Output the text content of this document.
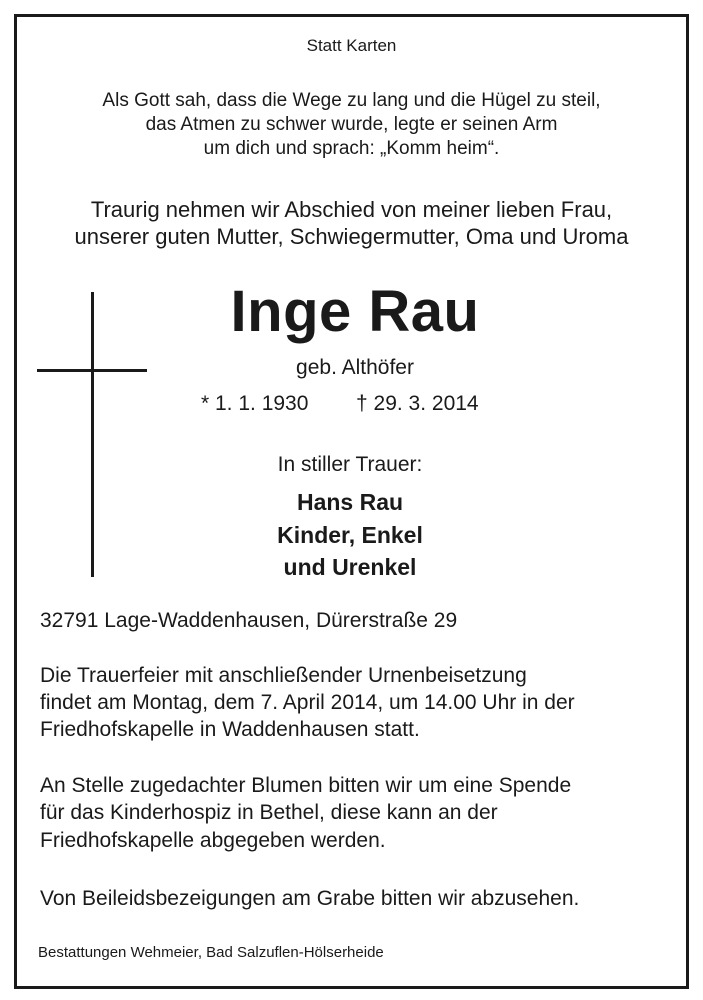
Statt Karten
Als Gott sah, dass die Wege zu lang und die Hügel zu steil,
das Atmen zu schwer wurde, legte er seinen Arm
um dich und sprach: „Komm heim“.
Traurig nehmen wir Abschied von meiner lieben Frau,
unserer guten Mutter, Schwiegermutter, Oma und Uroma
Inge Rau
geb. Althöfer
* 1. 1. 1930 † 29. 3. 2014
In stiller Trauer:
Hans Rau
Kinder, Enkel
und Urenkel
32791 Lage-Waddenhausen, Dürerstraße 29
Die Trauerfeier mit anschließender Urnenbeisetzung
findet am Montag, dem 7. April 2014, um 14.00 Uhr in der
Friedhofskapelle in Waddenhausen statt.
An Stelle zugedachter Blumen bitten wir um eine Spende
für das Kinderhospiz in Bethel, diese kann an der
Friedhofskapelle abgegeben werden.
Von Beileidsbezeigungen am Grabe bitten wir abzusehen.
Bestattungen Wehmeier, Bad Salzuflen-Hölserheide
